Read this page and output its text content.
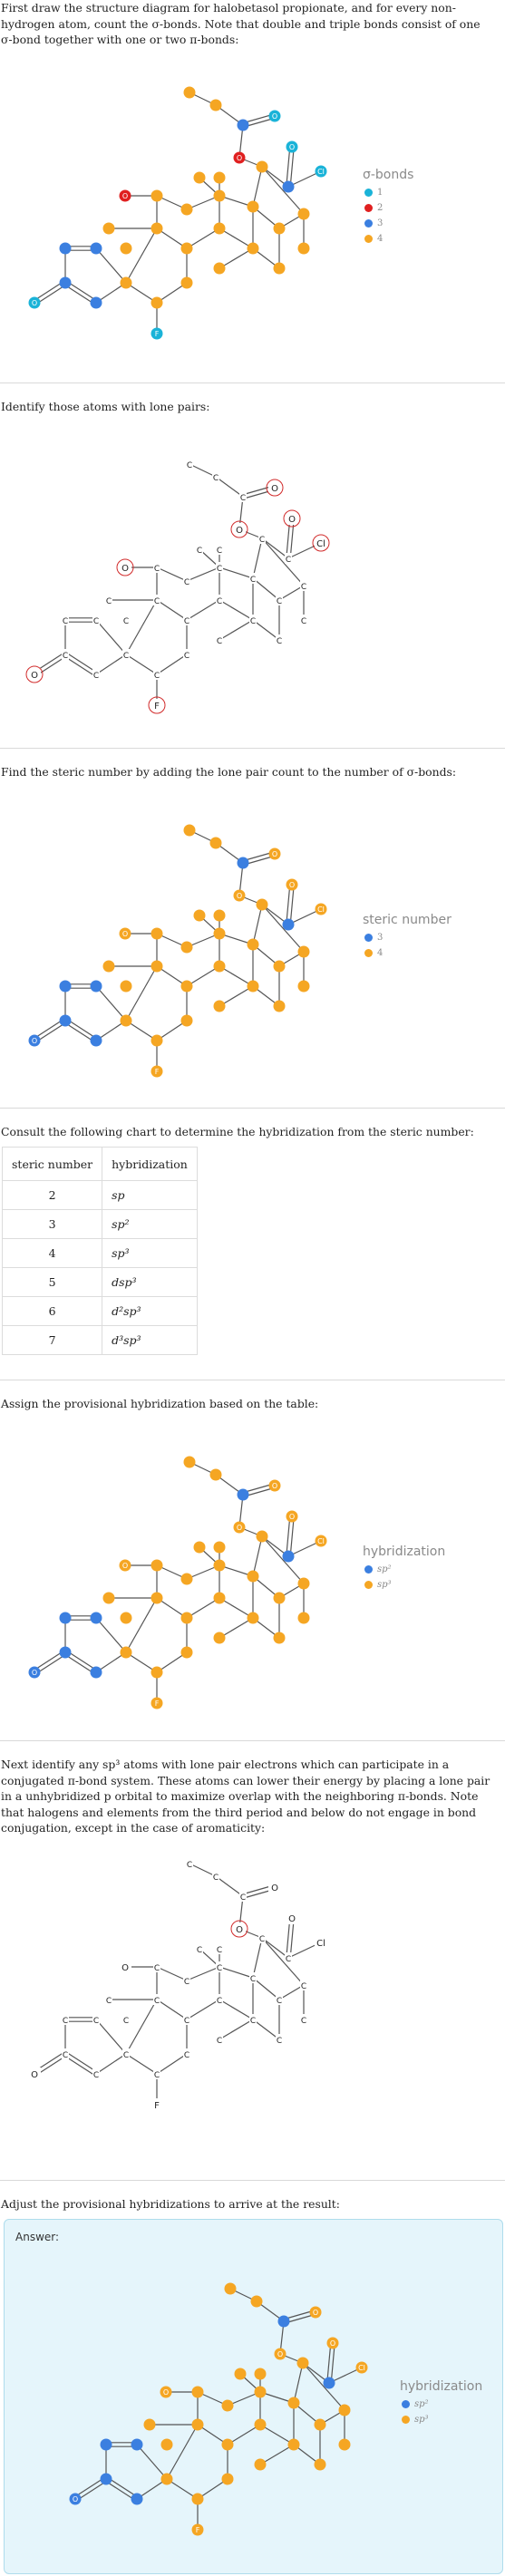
First draw the structure diagram for halobetasol propionate, and for every non-hydrogen atom, count the σ-bonds. Note that double and triple bonds consist of one σ-bond together with one or two π-bonds:

O
O
O
Cl
O
F
O
σ-bonds
1
2
3
4

Identify those atoms with lone pairs:

C
C
C
O
O
C
C
O
C
Cl
C
C
C
C
C
C
C
C
C
O
C
C	C
C
C
F
C
C
C
O
C
C
C
C	C
C

Find the steric number by adding the lone pair count to the number of σ-bonds:

O
O
O
Cl
O
F
O
steric number
3
4

Consult the following chart to determine the hybridization from the steric number:

steric number	hybridization
2	sp
3	sp²
4	sp³
5	dsp³
6	d²sp³
7	d³sp³

Assign the provisional hybridization based on the table:

O
O
O
Cl
O
F
O
hybridization
sp²
sp³

Next identify any sp³ atoms with lone pair electrons which can participate in a conjugated π-bond system. These atoms can lower their energy by placing a lone pair in a unhybridized p orbital to maximize overlap with the neighboring π-bonds. Note that halogens and elements from the third period and below do not engage in bond conjugation, except in the case of aromaticity:

C
C
C
O
O
C
C
O
C
Cl
C
C
C
C
C
C
C
C
C
O
C
C	C
C
C
F
C
C
C
O
C
C
C
C	C
C

Adjust the provisional hybridizations to arrive at the result:

Answer:
O
O
O
Cl
O
F
O
hybridization
sp²
sp³
